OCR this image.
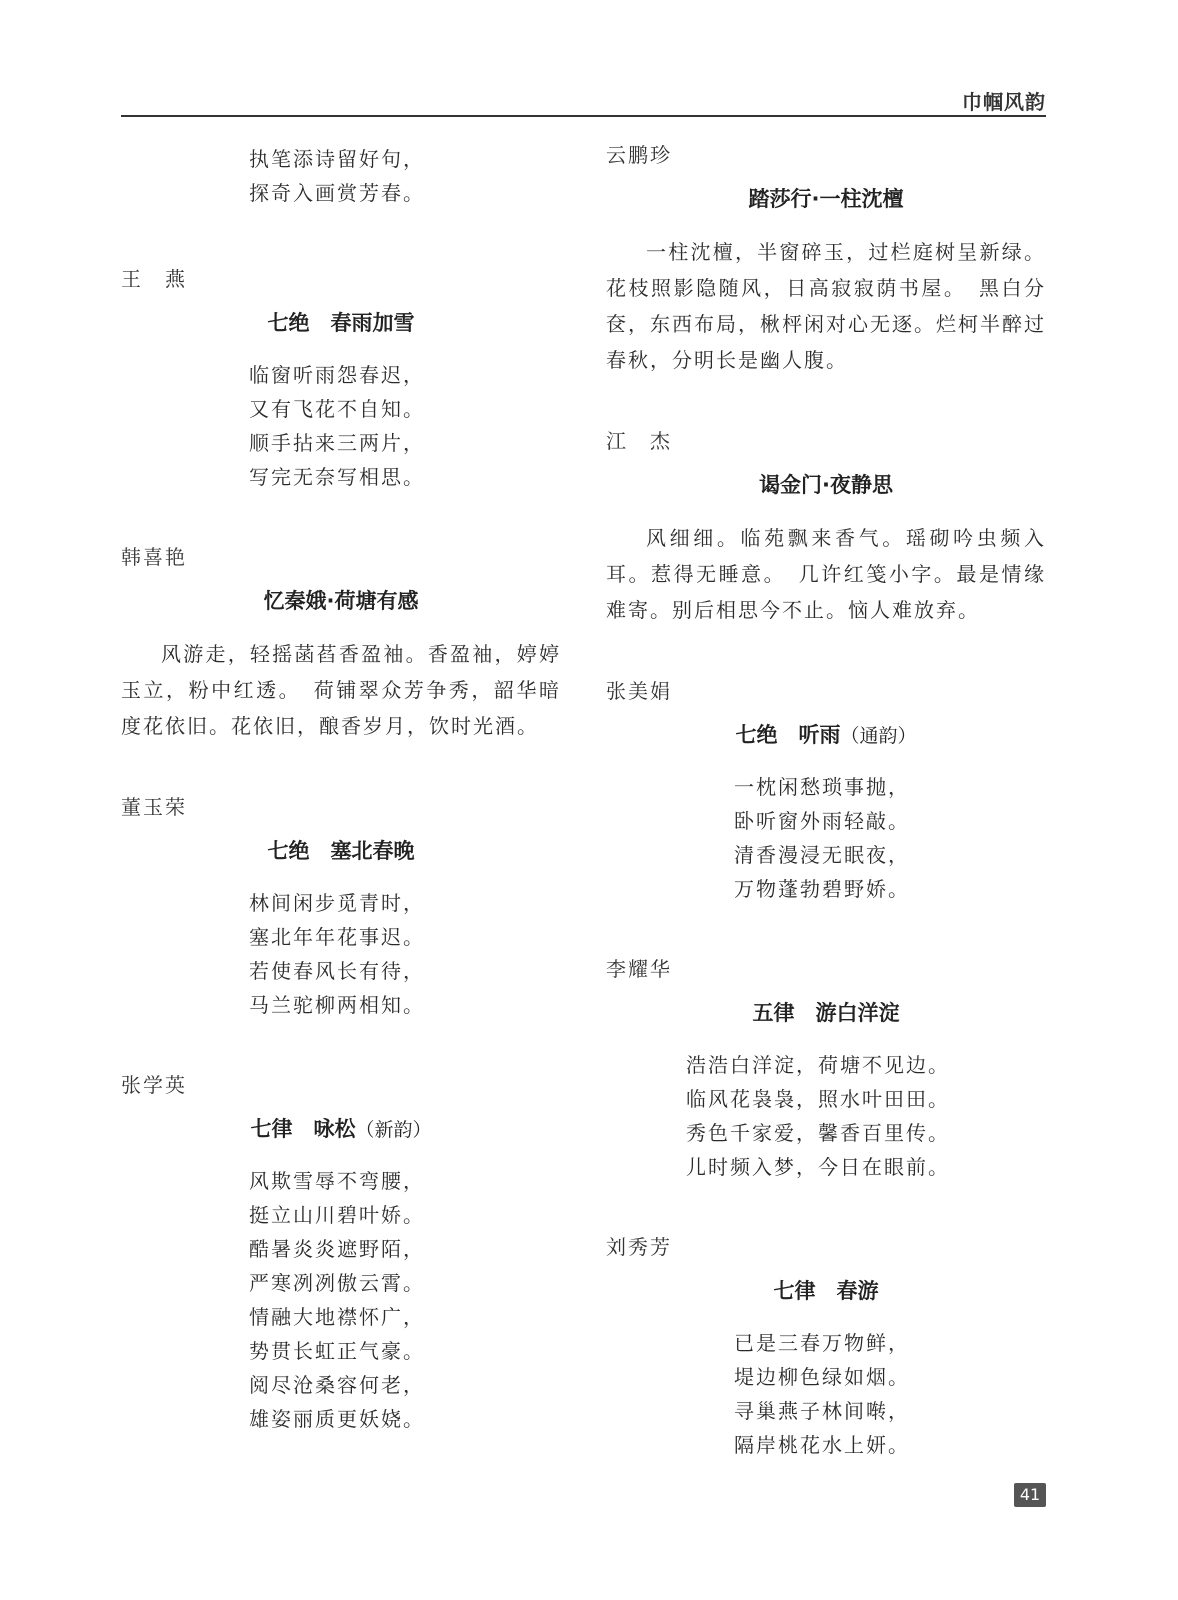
巾帼风韵
执笔添诗留好句，
探奇入画赏芳春。
王　燕
七绝　春雨加雪
临窗听雨怨春迟，
又有飞花不自知。
顺手拈来三两片，
写完无奈写相思。
韩喜艳
忆秦娥·荷塘有感

风游走，轻摇菡萏香盈袖。香盈袖，婷婷玉立，粉中红透。　荷铺翠众芳争秀，韶华暗度花依旧。花依旧，酿香岁月，饮时光酒。

董玉荣
七绝　塞北春晚
林间闲步觅青时，
塞北年年花事迟。
若使春风长有待，
马兰驼柳两相知。
张学英
七律　咏松（新韵）
风欺雪辱不弯腰，
挺立山川碧叶娇。
酷暑炎炎遮野陌，
严寒冽冽傲云霄。
情融大地襟怀广，
势贯长虹正气豪。
阅尽沧桑容何老，
雄姿丽质更妖娆。
云鹏珍
踏莎行·一柱沈檀

一柱沈檀，半窗碎玉，过栏庭树呈新绿。花枝照影隐随风，日高寂寂荫书屋。　黑白分奁，东西布局，楸枰闲对心无逐。烂柯半醉过春秋，分明长是幽人腹。

江　杰
谒金门·夜静思

风细细。临苑飘来香气。瑶砌吟虫频入耳。惹得无睡意。　几许红笺小字。最是情缘难寄。别后相思今不止。恼人难放弃。

张美娟
七绝　听雨（通韵）
一枕闲愁琐事抛，
卧听窗外雨轻敲。
清香漫浸无眠夜，
万物蓬勃碧野娇。
李耀华
五律　游白洋淀
浩浩白洋淀，荷塘不见边。
临风花袅袅，照水叶田田。
秀色千家爱，馨香百里传。
儿时频入梦，今日在眼前。
刘秀芳
七律　春游
已是三春万物鲜，
堤边柳色绿如烟。
寻巢燕子林间啭，
隔岸桃花水上妍。
41
